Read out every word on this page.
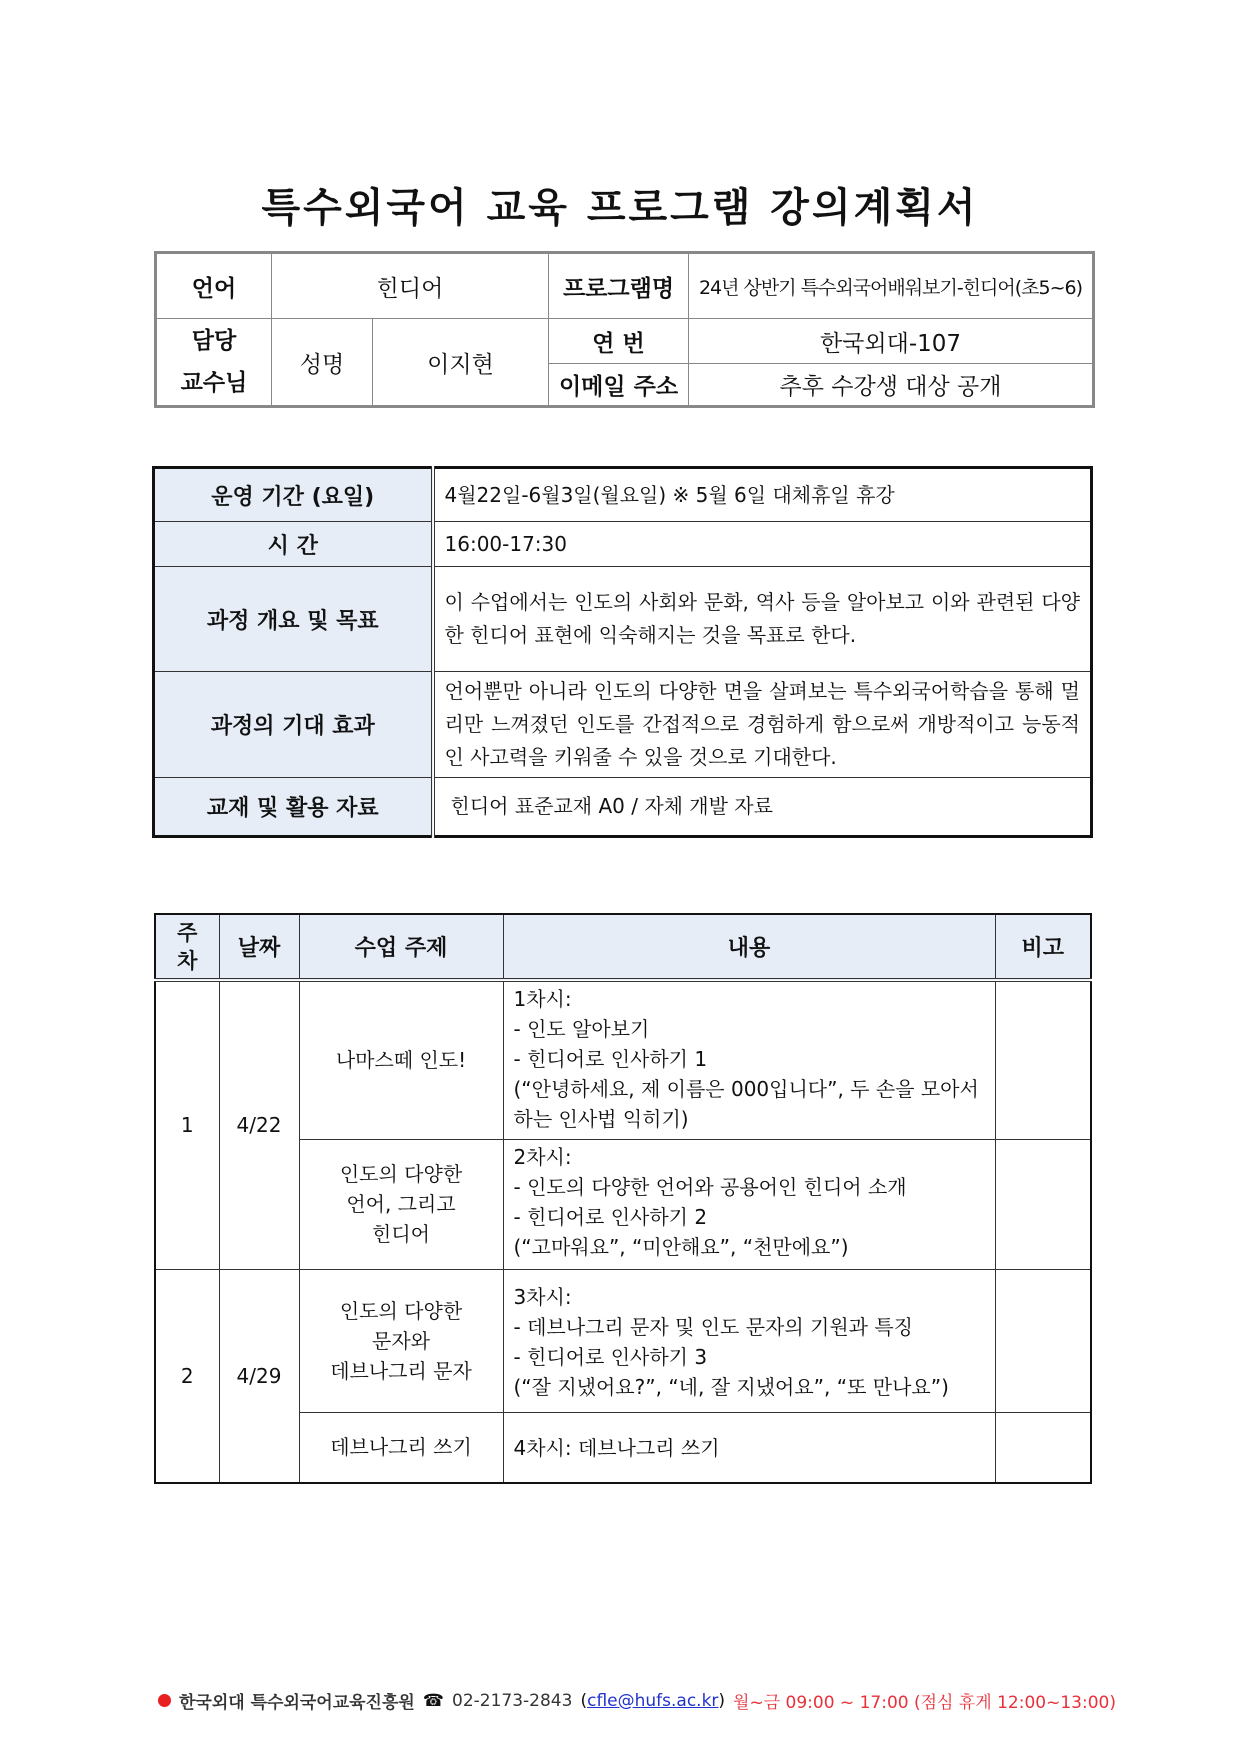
특수외국어 교육 프로그램 강의계획서
언어	힌디어		프로그램명	24년 상반기 특수외국어배워보기-힌디어(초5~6)
담당
교수님	성명	이지현	연 번	한국외대-107
			이메일 주소	추후 수강생 대상 공개
운영 기간 (요일)	4월22일-6월3일(월요일) ※ 5월 6일 대체휴일 휴강
시 간	16:00-17:30
과정 개요 및 목표	이 수업에서는 인도의 사회와 문화, 역사 등을 알아보고 이와 관련된 다양한 힌디어 표현에 익숙해지는 것을 목표로 한다.
과정의 기대 효과	언어뿐만 아니라 인도의 다양한 면을 살펴보는 특수외국어학습을 통해 멀리만 느껴졌던 인도를 간접적으로 경험하게 함으로써 개방적이고 능동적인 사고력을 키워줄 수 있을 것으로 기대한다.
교재 및 활용 자료	힌디어 표준교재 A0 / 자체 개발 자료
주차	날짜	수업 주제	내용	비고
1	4/22	나마스떼 인도!	1차시:
- 인도 알아보기
- 힌디어로 인사하기 1
(“안녕하세요, 제 이름은 000입니다”, 두 손을 모아서 하는 인사법 익히기)	
		인도의 다양한
언어, 그리고
힌디어	2차시:
- 인도의 다양한 언어와 공용어인 힌디어 소개
- 힌디어로 인사하기 2
(“고마워요”, “미안해요”, “천만에요”)	
2	4/29	인도의 다양한
문자와
데브나그리 문자	3차시:
- 데브나그리 문자 및 인도 문자의 기원과 특징
- 힌디어로 인사하기 3
(“잘 지냈어요?”, “네, 잘 지냈어요”, “또 만나요”)	
		데브나그리 쓰기	4차시: 데브나그리 쓰기	
한국외대 특수외국어교육진흥원 ☎ 02-2173-2843 (cfle@hufs.ac.kr) 월~금 09:00 ~ 17:00 (점심 휴게 12:00~13:00)
